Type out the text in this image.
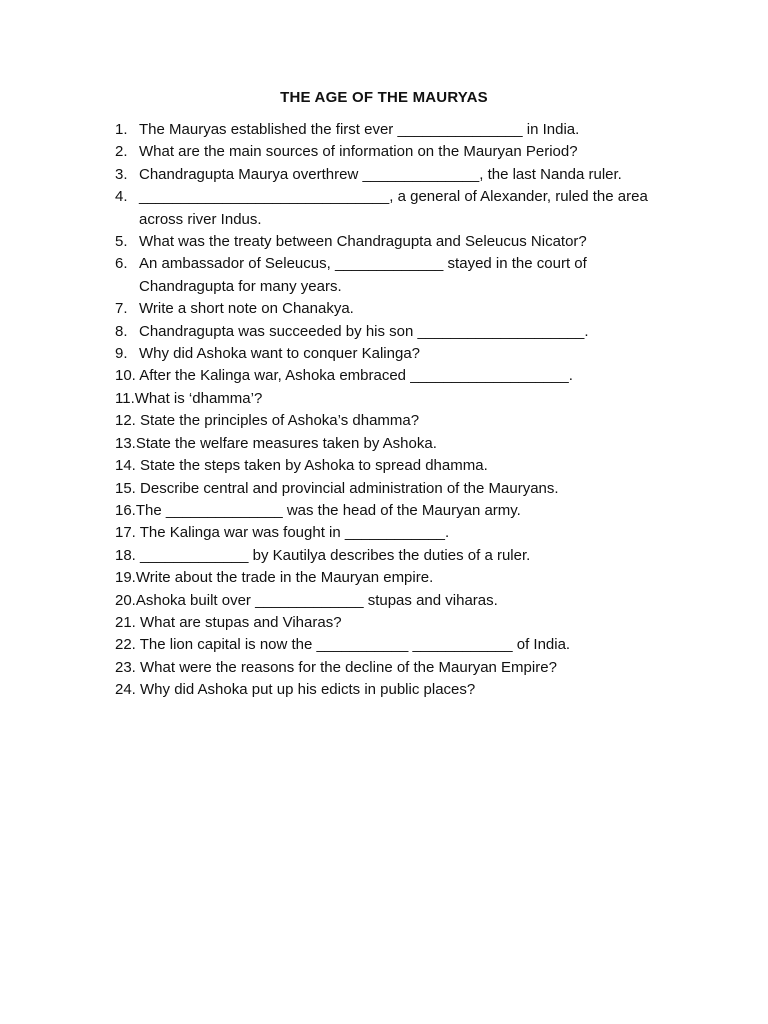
THE AGE OF THE MAURYAS
1. The Mauryas established the first ever _______________ in India.
2. What are the main sources of information on the Mauryan Period?
3. Chandragupta Maurya overthrew ______________, the last Nanda ruler.
4. ______________________________, a general of Alexander, ruled the area across river Indus.
5. What was the treaty between Chandragupta and Seleucus Nicator?
6. An ambassador of Seleucus, _____________ stayed in the court of Chandragupta for many years.
7. Write a short note on Chanakya.
8. Chandragupta was succeeded by his son ____________________.
9. Why did Ashoka want to conquer Kalinga?
10. After the Kalinga war, Ashoka embraced ___________________.
11.What is ‘dhamma’?
12. State the principles of Ashoka’s dhamma?
13.State the welfare measures taken by Ashoka.
14. State the steps taken by Ashoka to spread dhamma.
15. Describe central and provincial administration of the Mauryans.
16.The ______________ was the head of the Mauryan army.
17. The Kalinga war was fought in ____________.
18. _____________ by Kautilya describes the duties of a ruler.
19.Write about the trade in the Mauryan empire.
20.Ashoka built over _____________ stupas and viharas.
21. What are stupas and Viharas?
22. The lion capital is now the ___________ ____________ of India.
23. What were the reasons for the decline of the Mauryan Empire?
24. Why did Ashoka put up his edicts in public places?
